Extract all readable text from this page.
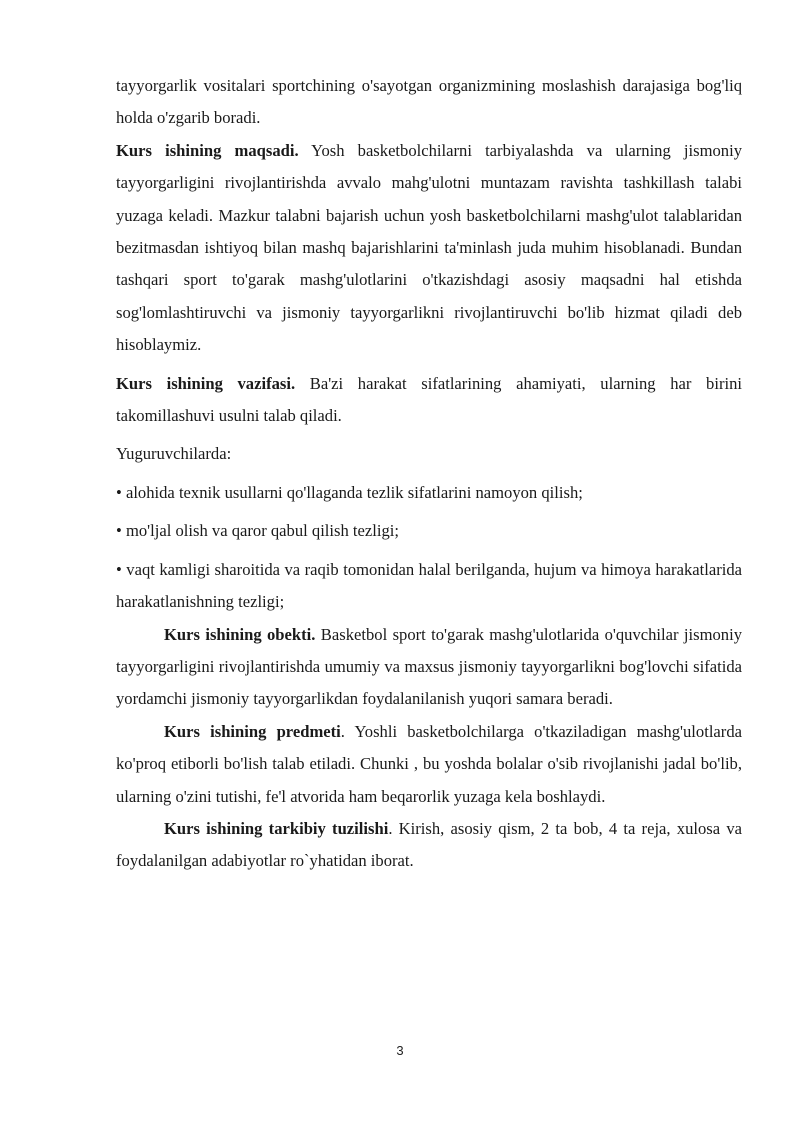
tayyorgarlik vositalari sportchining o'sayotgan organizmining moslashish darajasiga bog'liq holda o'zgarib boradi.

Kurs ishining maqsadi. Yosh basketbolchilarni tarbiyalashda va ularning jismoniy tayyorgarligini rivojlantirishda avvalo mahg'ulotni muntazam ravishta tashkillash talabi yuzaga keladi. Mazkur talabni bajarish uchun yosh basketbolchilarni mashg'ulot talablaridan bezitmasdan ishtiyoq bilan mashq bajarishlarini ta'minlash juda muhim hisoblanadi. Bundan tashqari sport to'garak mashg'ulotlarini o'tkazishdagi asosiy maqsadni hal etishda sog'lomlashtiruvchi va jismoniy tayyorgarlikni rivojlantiruvchi bo'lib hizmat qiladi deb hisoblaymiz.

Kurs ishining vazifasi. Ba'zi harakat sifatlarining ahamiyati, ularning har birini takomillashuvi usulni talab qiladi.

Yuguruvchilarda:

• alohida texnik usullarni qo'llaganda tezlik sifatlarini namoyon qilish;

• mo'ljal olish va qaror qabul qilish tezligi;

• vaqt kamligi sharoitida va raqib tomonidan halal berilganda, hujum va himoya harakatlarida harakatlanishning tezligi;

Kurs ishining obekti. Basketbol sport to'garak mashg'ulotlarida o'quvchilar jismoniy tayyorgarligini rivojlantirishda umumiy va maxsus jismoniy tayyorgarlikni bog'lovchi sifatida yordamchi jismoniy tayyorgarlikdan foydalanilanish yuqori samara beradi.

Kurs ishining predmeti. Yoshli basketbolchilarga o'tkaziladigan mashg'ulotlarda ko'proq etiborli bo'lish talab etiladi. Chunki , bu yoshda bolalar o'sib rivojlanishi jadal bo'lib, ularning o'zini tutishi, fe'l atvorida ham beqarorlik yuzaga kela boshlaydi.

Kurs ishining tarkibiy tuzilishi. Kirish, asosiy qism, 2 ta bob, 4 ta reja, xulosa va foydalanilgan adabiyotlar ro`yhatidan iborat.

3
